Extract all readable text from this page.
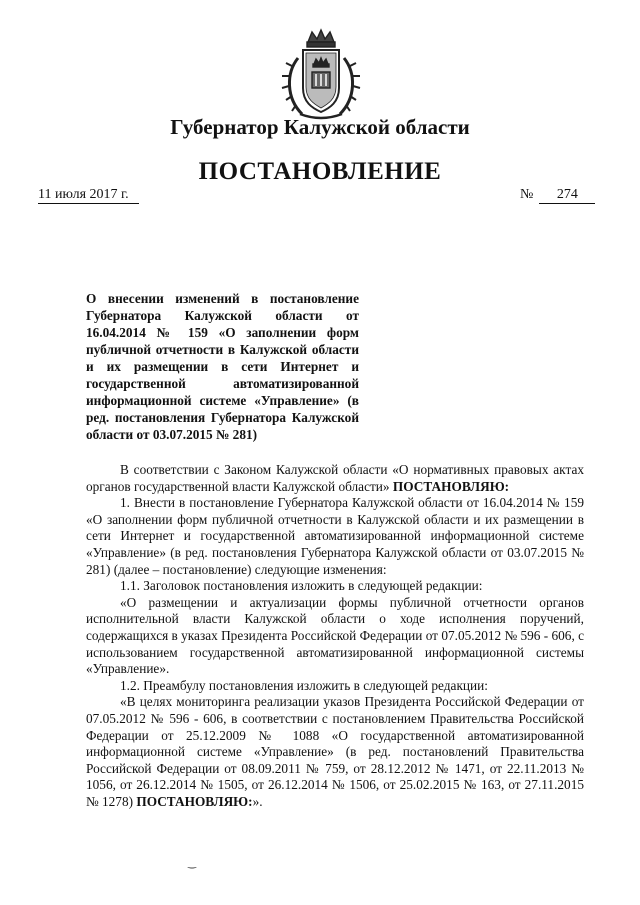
Губернатор Калужской области
ПОСТАНОВЛЕНИЕ
11 июля 2017 г.	№ 274
О внесении изменений в постановление Губернатора Калужской области от 16.04.2014 № 159 «О заполнении форм публичной отчетности в Калужской области и их размещении в сети Интернет и государственной автоматизированной информационной системе «Управление» (в ред. постановления Губернатора Калужской области от 03.07.2015 № 281)

В соответствии с Законом Калужской области «О нормативных правовых актах органов государственной власти Калужской области» ПОСТАНОВЛЯЮ:

1. Внести в постановление Губернатора Калужской области от 16.04.2014 № 159 «О заполнении форм публичной отчетности в Калужской области и их размещении в сети Интернет и государственной автоматизированной информационной системе «Управление» (в ред. постановления Губернатора Калужской области от 03.07.2015 № 281) (далее – постановление) следующие изменения:

1.1. Заголовок постановления изложить в следующей редакции:

«О размещении и актуализации формы публичной отчетности органов исполнительной власти Калужской области о ходе исполнения поручений, содержащихся в указах Президента Российской Федерации от 07.05.2012 № 596 - 606, с использованием государственной автоматизированной информационной системы «Управление».

1.2. Преамбулу постановления изложить в следующей редакции:

«В целях мониторинга реализации указов Президента Российской Федерации от 07.05.2012 № 596 - 606, в соответствии с постановлением Правительства Российской Федерации от 25.12.2009 № 1088 «О государственной автоматизированной информационной системе «Управление» (в ред. постановлений Правительства Российской Федерации от 08.09.2011 № 759, от 28.12.2012 № 1471, от 22.11.2013 № 1056, от 26.12.2014 № 1505, от 26.12.2014 № 1506, от 25.02.2015 № 163, от 27.11.2015 № 1278) ПОСТАНОВЛЯЮ:».

‿
